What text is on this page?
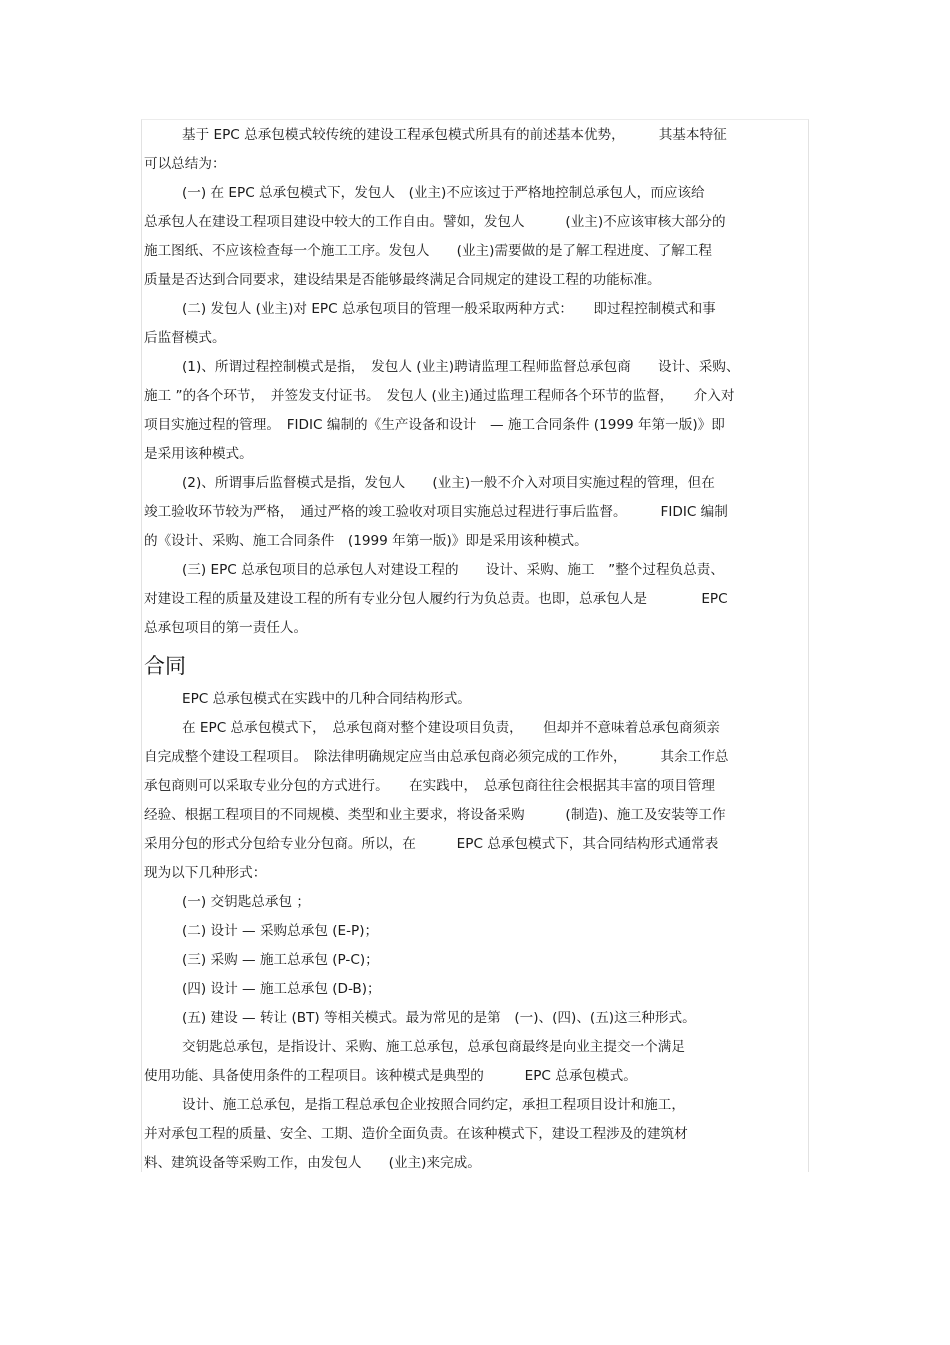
基于 EPC 总承包模式较传统的建设工程承包模式所具有的前述基本优势，　　　其基本特征
可以总结为：
(一) 在 EPC 总承包模式下，发包人　(业主)不应该过于严格地控制总承包人，而应该给
总承包人在建设工程项目建设中较大的工作自由。譬如，发包人　　　(业主)不应该审核大部分的
施工图纸、不应该检查每一个施工工序。发包人　　(业主)需要做的是了解工程进度、了解工程
质量是否达到合同要求，建设结果是否能够最终满足合同规定的建设工程的功能标准。
(二) 发包人 (业主)对 EPC 总承包项目的管理一般采取两种方式：　　即过程控制模式和事
后监督模式。
(1)、所谓过程控制模式是指，　发包人 (业主)聘请监理工程师监督总承包商　　设计、采购、
施工 ”的各个环节，　并签发支付证书。　发包人 (业主)通过监理工程师各个环节的监督，　　介入对
项目实施过程的管理。　FIDIC 编制的《生产设备和设计　— 施工合同条件 (1999 年第一版)》即
是采用该种模式。
(2)、所谓事后监督模式是指，发包人　　(业主)一般不介入对项目实施过程的管理，但在
竣工验收环节较为严格，　通过严格的竣工验收对项目实施总过程进行事后监督。　　　FIDIC 编制
的《设计、采购、施工合同条件　(1999 年第一版)》即是采用该种模式。
(三) EPC 总承包项目的总承包人对建设工程的　　设计、采购、施工　”整个过程负总责、
对建设工程的质量及建设工程的所有专业分包人履约行为负总责。也即，总承包人是　　　　EPC
总承包项目的第一责任人。
合同
EPC 总承包模式在实践中的几种合同结构形式。
在 EPC 总承包模式下，　总承包商对整个建设项目负责，　　但却并不意味着总承包商须亲
自完成整个建设工程项目。　除法律明确规定应当由总承包商必须完成的工作外，　　　其余工作总
承包商则可以采取专业分包的方式进行。　　在实践中，　总承包商往往会根据其丰富的项目管理
经验、根据工程项目的不同规模、类型和业主要求，将设备采购　　　(制造)、施工及安装等工作
采用分包的形式分包给专业分包商。所以，在　　　EPC 总承包模式下，其合同结构形式通常表
现为以下几种形式：
(一) 交钥匙总承包 ；
(二) 设计 — 采购总承包 (E-P)；
(三) 采购 — 施工总承包 (P-C)；
(四) 设计 — 施工总承包 (D-B)；
(五) 建设 — 转让 (BT) 等相关模式。最为常见的是第　(一)、(四)、(五)这三种形式。
交钥匙总承包，是指设计、采购、施工总承包，总承包商最终是向业主提交一个满足
使用功能、具备使用条件的工程项目。该种模式是典型的　　　EPC 总承包模式。
设计、施工总承包，是指工程总承包企业按照合同约定，承担工程项目设计和施工，
并对承包工程的质量、安全、工期、造价全面负责。在该种模式下，建设工程涉及的建筑材
料、建筑设备等采购工作，由发包人　　(业主)来完成。
